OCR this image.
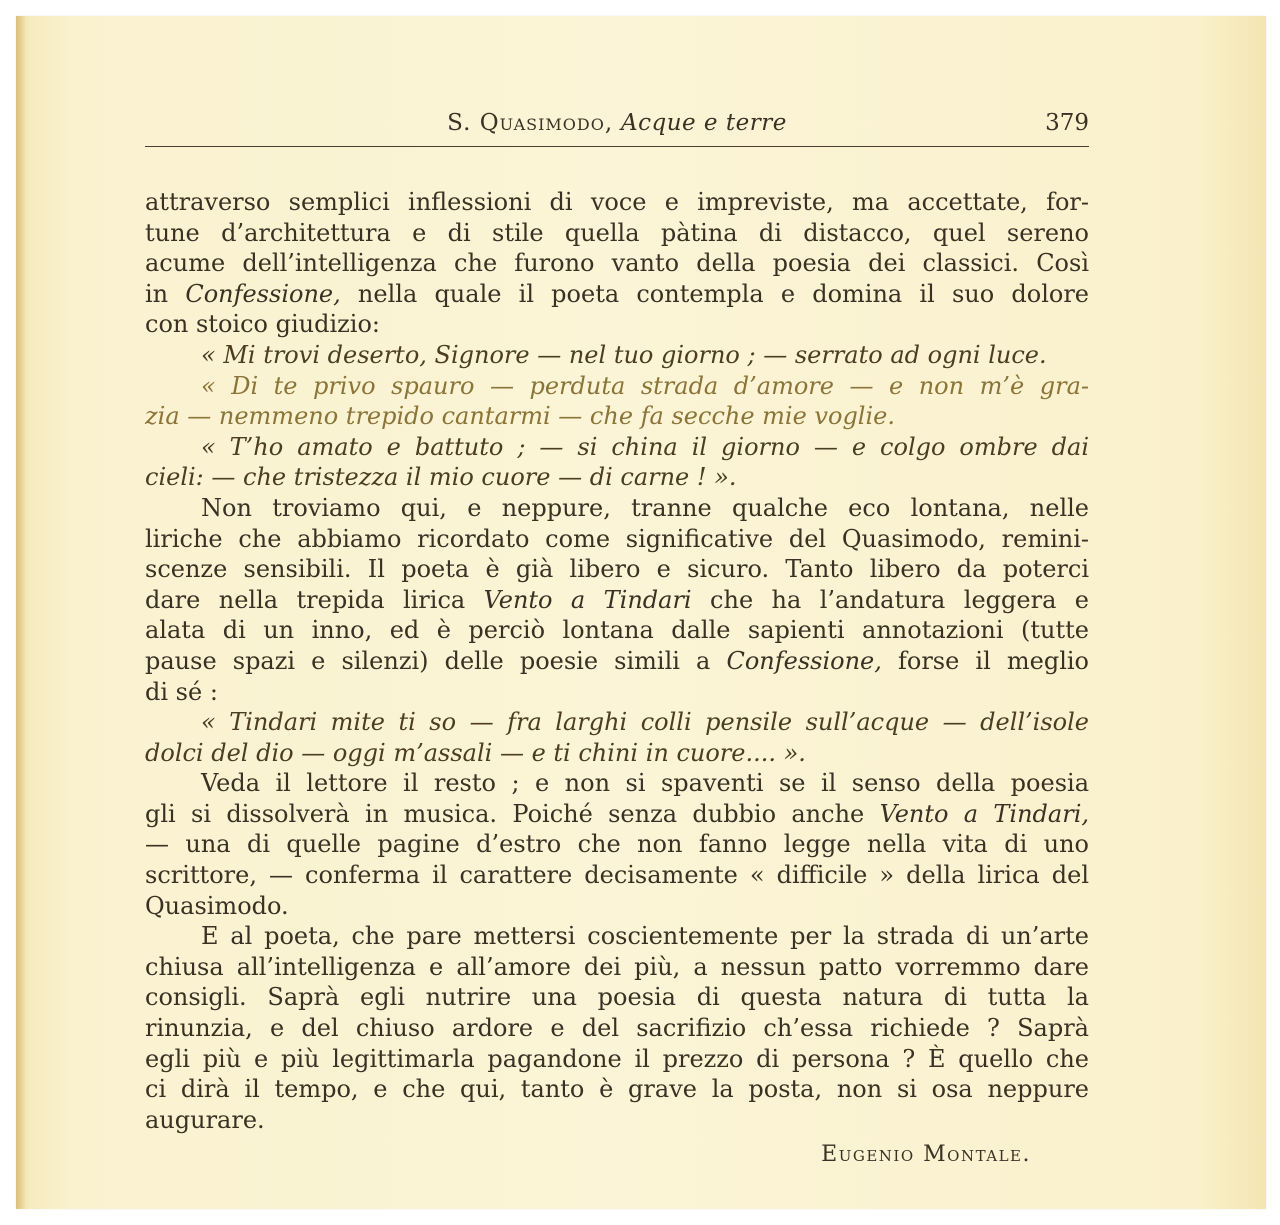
S. Quasimodo, Acque e terre	379
attraverso semplici inflessioni di voce e impreviste, ma accettate, for-
tune d’architettura e di stile quella pàtina di distacco, quel sereno
acume dell’intelligenza che furono vanto della poesia dei classici. Così
in Confessione, nella quale il poeta contempla e domina il suo dolore
con stoico giudizio:
« Mi trovi deserto, Signore — nel tuo giorno ; — serrato ad ogni luce.
« Di te privo spauro — perduta strada d’amore — e non m’è gra-
zia — nemmeno trepido cantarmi — che fa secche mie voglie.
« T’ho amato e battuto ; — si china il giorno — e colgo ombre dai
cieli: — che tristezza il mio cuore — di carne ! ».
Non troviamo qui, e neppure, tranne qualche eco lontana, nelle
liriche che abbiamo ricordato come significative del Quasimodo, remini-
scenze sensibili. Il poeta è già libero e sicuro. Tanto libero da poterci
dare nella trepida lirica Vento a Tindari che ha l’andatura leggera e
alata di un inno, ed è perciò lontana dalle sapienti annotazioni (tutte
pause spazi e silenzi) delle poesie simili a Confessione, forse il meglio
di sé :
« Tindari mite ti so — fra larghi colli pensile sull’acque — dell’isole
dolci del dio — oggi m’assali — e ti chini in cuore.... ».
Veda il lettore il resto ; e non si spaventi se il senso della poesia
gli si dissolverà in musica. Poiché senza dubbio anche Vento a Tindari,
— una di quelle pagine d’estro che non fanno legge nella vita di uno
scrittore, — conferma il carattere decisamente « difficile » della lirica del
Quasimodo.
E al poeta, che pare mettersi coscientemente per la strada di un’arte
chiusa all’intelligenza e all’amore dei più, a nessun patto vorremmo dare
consigli. Saprà egli nutrire una poesia di questa natura di tutta la
rinunzia, e del chiuso ardore e del sacrifizio ch’essa richiede ? Saprà
egli più e più legittimarla pagandone il prezzo di persona ? È quello che
ci dirà il tempo, e che qui, tanto è grave la posta, non si osa neppure
augurare.
Eugenio Montale.
